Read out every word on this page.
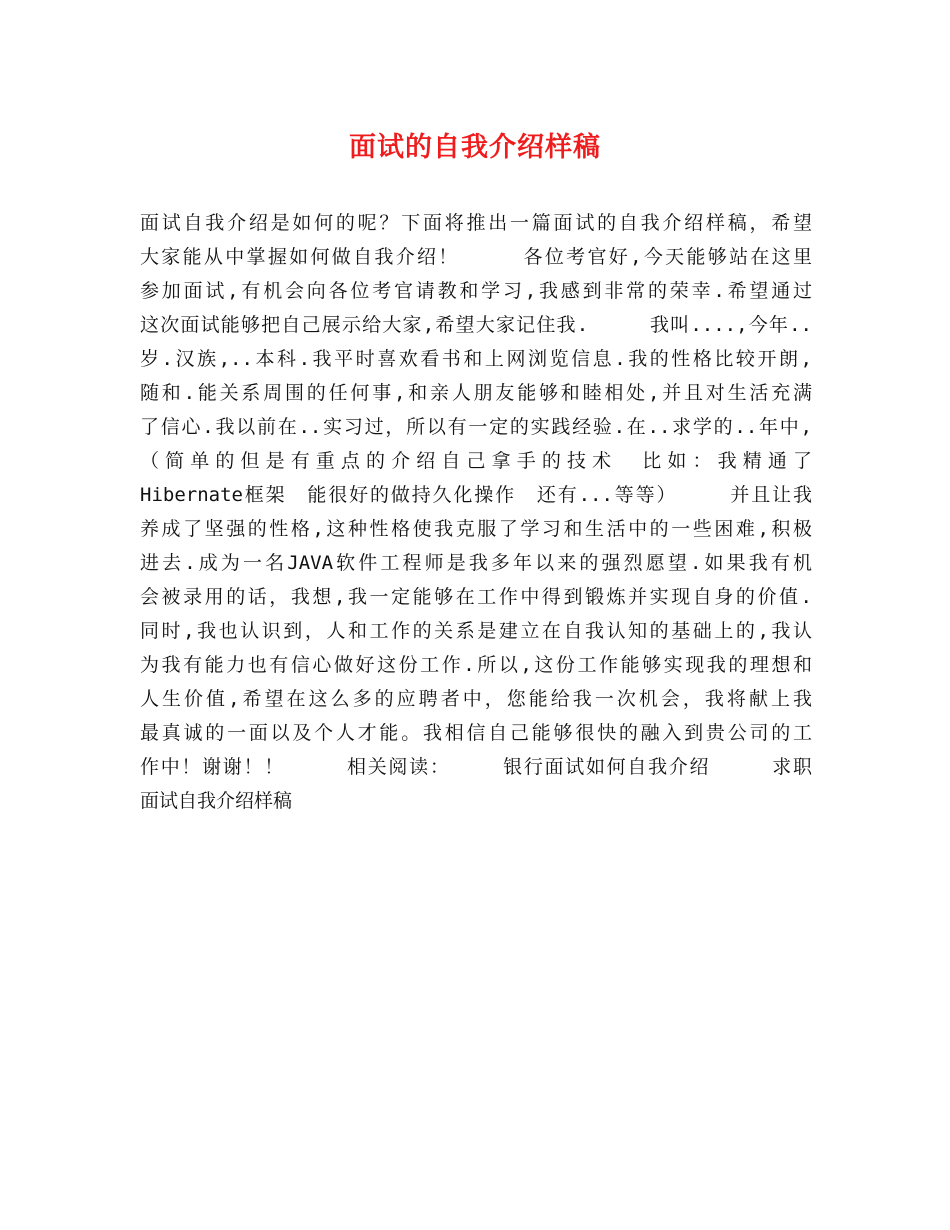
面试的自我介绍样稿
面试自我介绍是如何的呢？下面将推出一篇面试的自我介绍样稿，希望
大家能从中掌握如何做自我介绍！　　　各位考官好,今天能够站在这里
参加面试,有机会向各位考官请教和学习,我感到非常的荣幸.希望通过
这次面试能够把自己展示给大家,希望大家记住我.　　　我叫....,今年..
岁.汉族,..本科.我平时喜欢看书和上网浏览信息.我的性格比较开朗,
随和.能关系周围的任何事,和亲人朋友能够和睦相处,并且对生活充满
了信心.我以前在..实习过，所以有一定的实践经验.在..求学的..年中,
（简单的但是有重点的介绍自己拿手的技术　比如：我精通了
Hibernate框架　能很好的做持久化操作　还有...等等）　　　并且让我
养成了坚强的性格,这种性格使我克服了学习和生活中的一些困难,积极
进去.成为一名JAVA软件工程师是我多年以来的强烈愿望.如果我有机
会被录用的话，我想,我一定能够在工作中得到锻炼并实现自身的价值.
同时,我也认识到，人和工作的关系是建立在自我认知的基础上的,我认
为我有能力也有信心做好这份工作.所以,这份工作能够实现我的理想和
人生价值,希望在这么多的应聘者中，您能给我一次机会，我将献上我
最真诚的一面以及个人才能。我相信自己能够很快的融入到贵公司的工
作中！谢谢！！　　　相关阅读：　　　银行面试如何自我介绍　　　求职
面试自我介绍样稿
